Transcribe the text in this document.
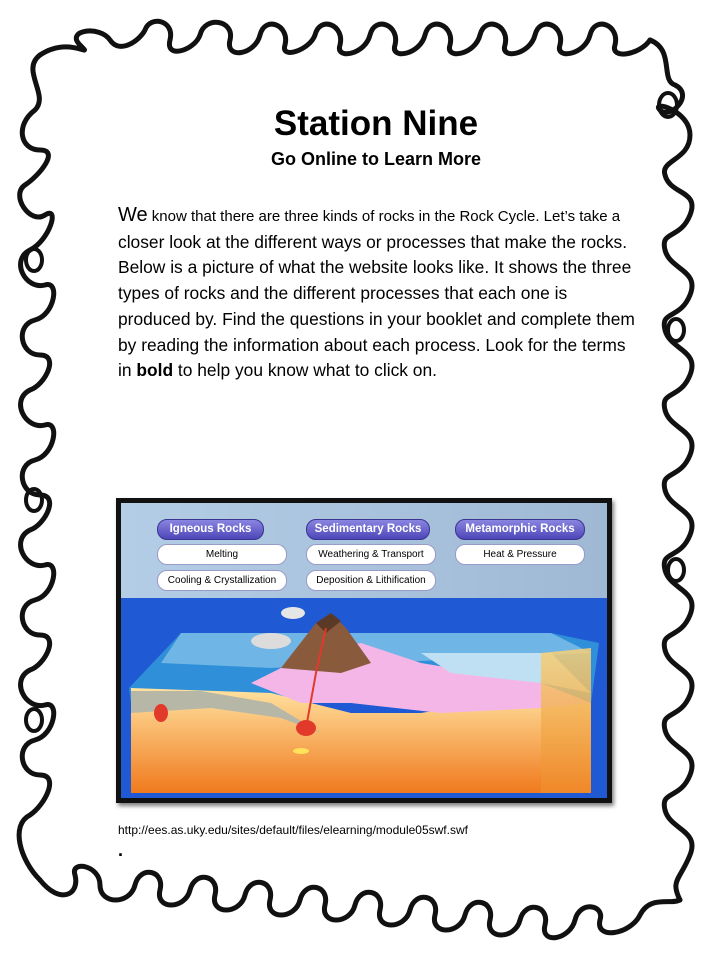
Station Nine
Go Online to Learn More
We know that there are three kinds of rocks in the Rock Cycle. Let’s take a closer look at the different ways or processes that make the rocks. Below is a picture of what the website looks like. It shows the three types of rocks and the different processes that each one is produced by. Find the questions in your booklet and complete them by reading the information about each process. Look for the terms in bold to help you know what to click on.
Igneous Rocks
Melting
Cooling & Crystallization
Sedimentary Rocks
Weathering & Transport
Deposition & Lithification
Metamorphic Rocks
Heat & Pressure
http://ees.as.uky.edu/sites/default/files/elearning/module05swf.swf
.
